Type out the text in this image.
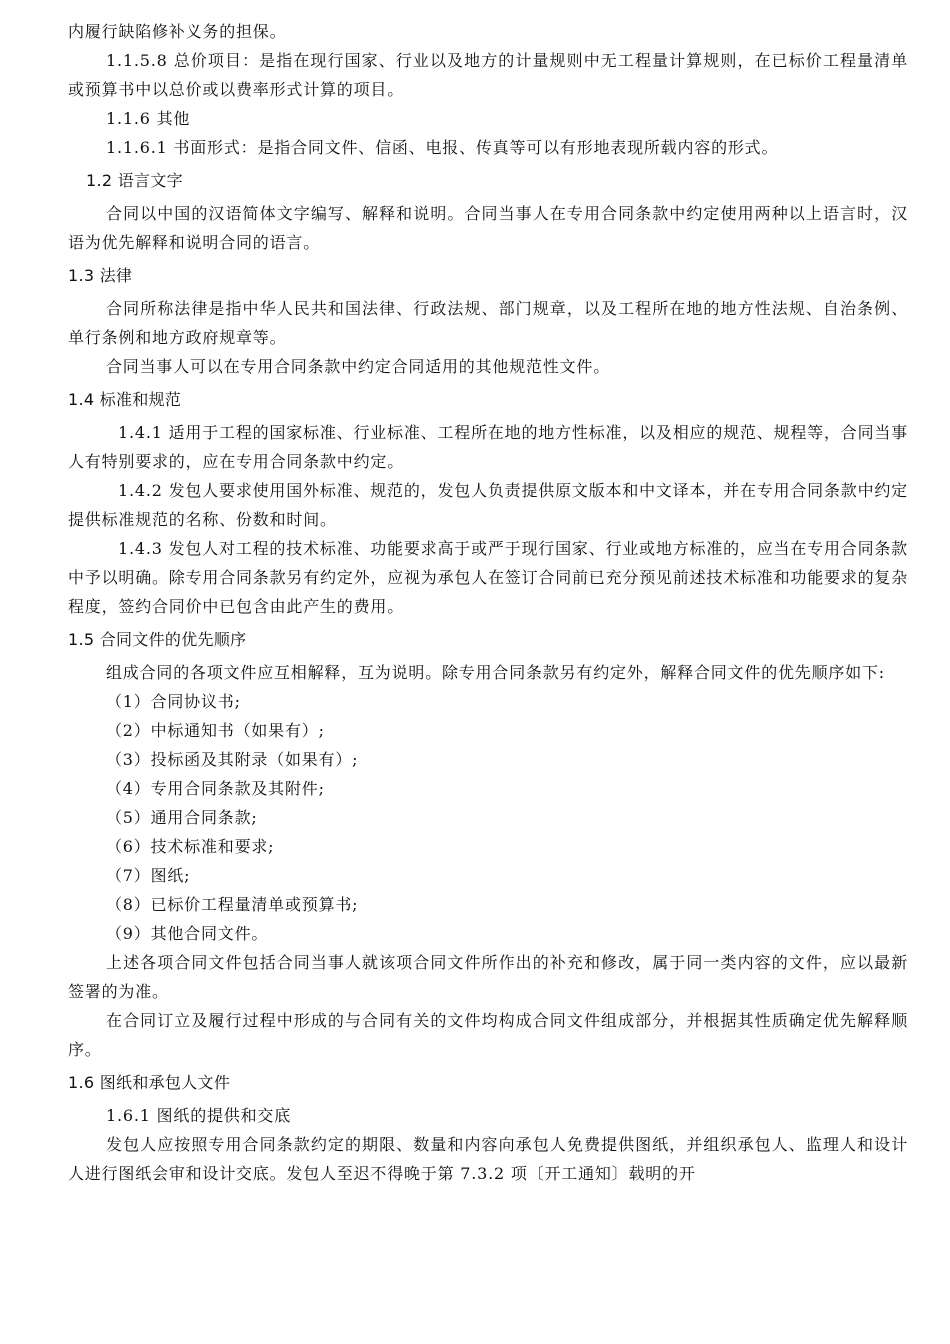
内履行缺陷修补义务的担保。

1.1.5.8 总价项目：是指在现行国家、行业以及地方的计量规则中无工程量计算规则，在已标价工程量清单或预算书中以总价或以费率形式计算的项目。

1.1.6 其他

1.1.6.1 书面形式：是指合同文件、信函、电报、传真等可以有形地表现所载内容的形式。

1.2 语言文字

合同以中国的汉语简体文字编写、解释和说明。合同当事人在专用合同条款中约定使用两种以上语言时，汉语为优先解释和说明合同的语言。

1.3 法律

合同所称法律是指中华人民共和国法律、行政法规、部门规章，以及工程所在地的地方性法规、自治条例、单行条例和地方政府规章等。

合同当事人可以在专用合同条款中约定合同适用的其他规范性文件。

1.4 标准和规范

1.4.1 适用于工程的国家标准、行业标准、工程所在地的地方性标准，以及相应的规范、规程等，合同当事人有特别要求的，应在专用合同条款中约定。

1.4.2 发包人要求使用国外标准、规范的，发包人负责提供原文版本和中文译本，并在专用合同条款中约定提供标准规范的名称、份数和时间。

1.4.3 发包人对工程的技术标准、功能要求高于或严于现行国家、行业或地方标准的，应当在专用合同条款中予以明确。除专用合同条款另有约定外，应视为承包人在签订合同前已充分预见前述技术标准和功能要求的复杂程度，签约合同价中已包含由此产生的费用。

1.5 合同文件的优先顺序

组成合同的各项文件应互相解释，互为说明。除专用合同条款另有约定外，解释合同文件的优先顺序如下:

（1）合同协议书;
（2）中标通知书（如果有）;
（3）投标函及其附录（如果有）;
（4）专用合同条款及其附件;
（5）通用合同条款;
（6）技术标准和要求;
（7）图纸;
（8）已标价工程量清单或预算书;
（9）其他合同文件。

上述各项合同文件包括合同当事人就该项合同文件所作出的补充和修改，属于同一类内容的文件，应以最新签署的为准。

在合同订立及履行过程中形成的与合同有关的文件均构成合同文件组成部分，并根据其性质确定优先解释顺序。

1.6 图纸和承包人文件

1.6.1 图纸的提供和交底

发包人应按照专用合同条款约定的期限、数量和内容向承包人免费提供图纸，并组织承包人、监理人和设计人进行图纸会审和设计交底。发包人至迟不得晚于第 7.3.2 项〔开工通知〕载明的开
